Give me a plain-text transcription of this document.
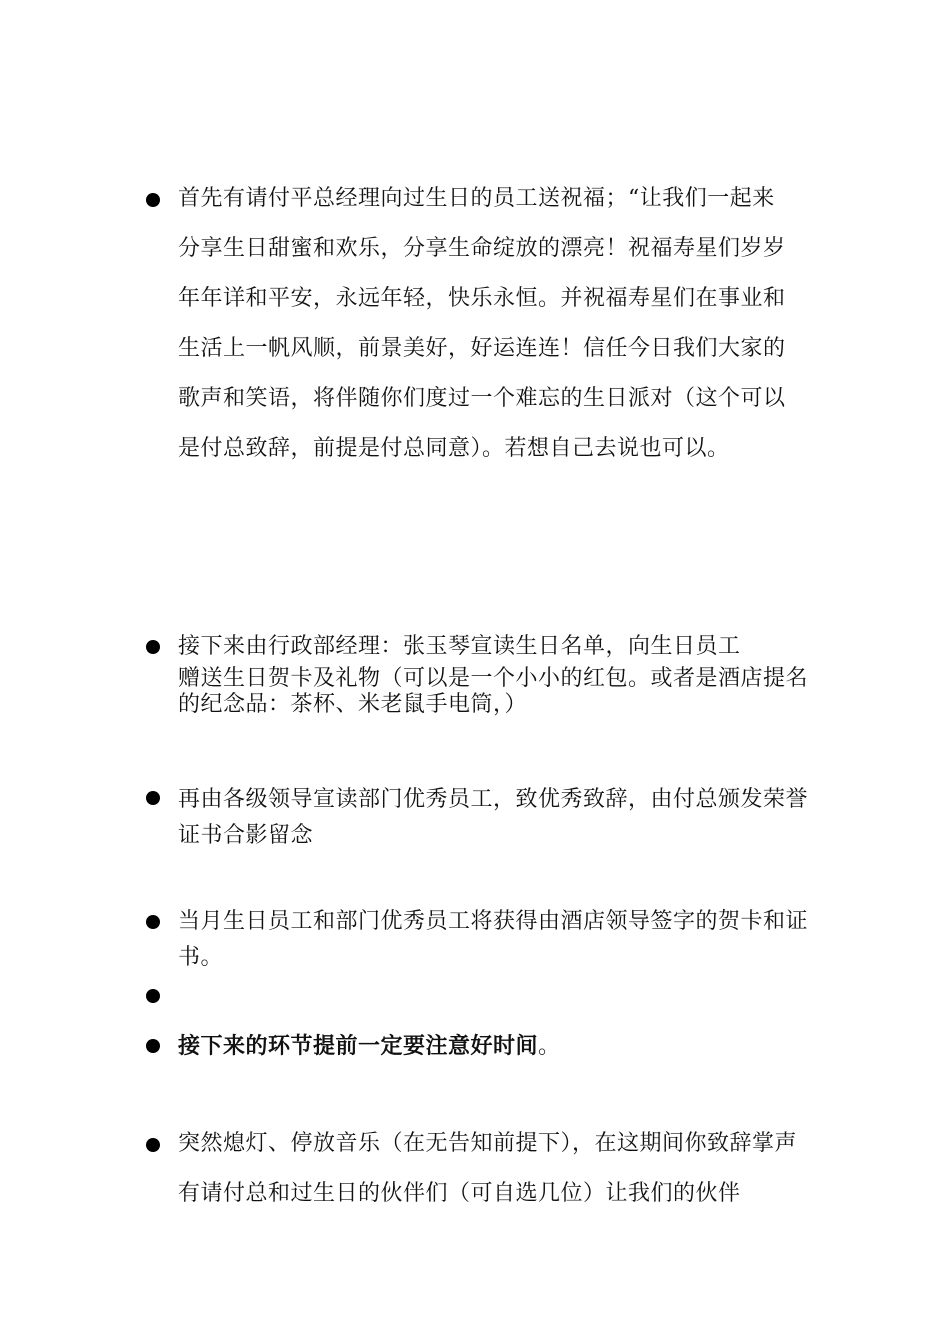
首先有请付平总经理向过生日的员工送祝福；“让我们一起来分享生日甜蜜和欢乐，分享生命绽放的漂亮！祝福寿星们岁岁年年详和平安，永远年轻，快乐永恒。并祝福寿星们在事业和生活上一帆风顺，前景美好，好运连连！信任今日我们大家的歌声和笑语，将伴随你们度过一个难忘的生日派对（这个可以是付总致辞，前提是付总同意）。若想自己去说也可以。
接下来由行政部经理：张玉琴宣读生日名单，向生日员工
赠送生日贺卡及礼物（可以是一个小小的红包。或者是酒店提名的纪念品：茶杯、米老鼠手电筒，）
再由各级领导宣读部门优秀员工，致优秀致辞，由付总颁发荣誉证书合影留念
当月生日员工和部门优秀员工将获得由酒店领导签字的贺卡和证书。
接下来的环节提前一定要注意好时间。
突然熄灯、停放音乐（在无告知前提下），在这期间你致辞掌声有请付总和过生日的伙伴们（可自选几位）让我们的伙伴
